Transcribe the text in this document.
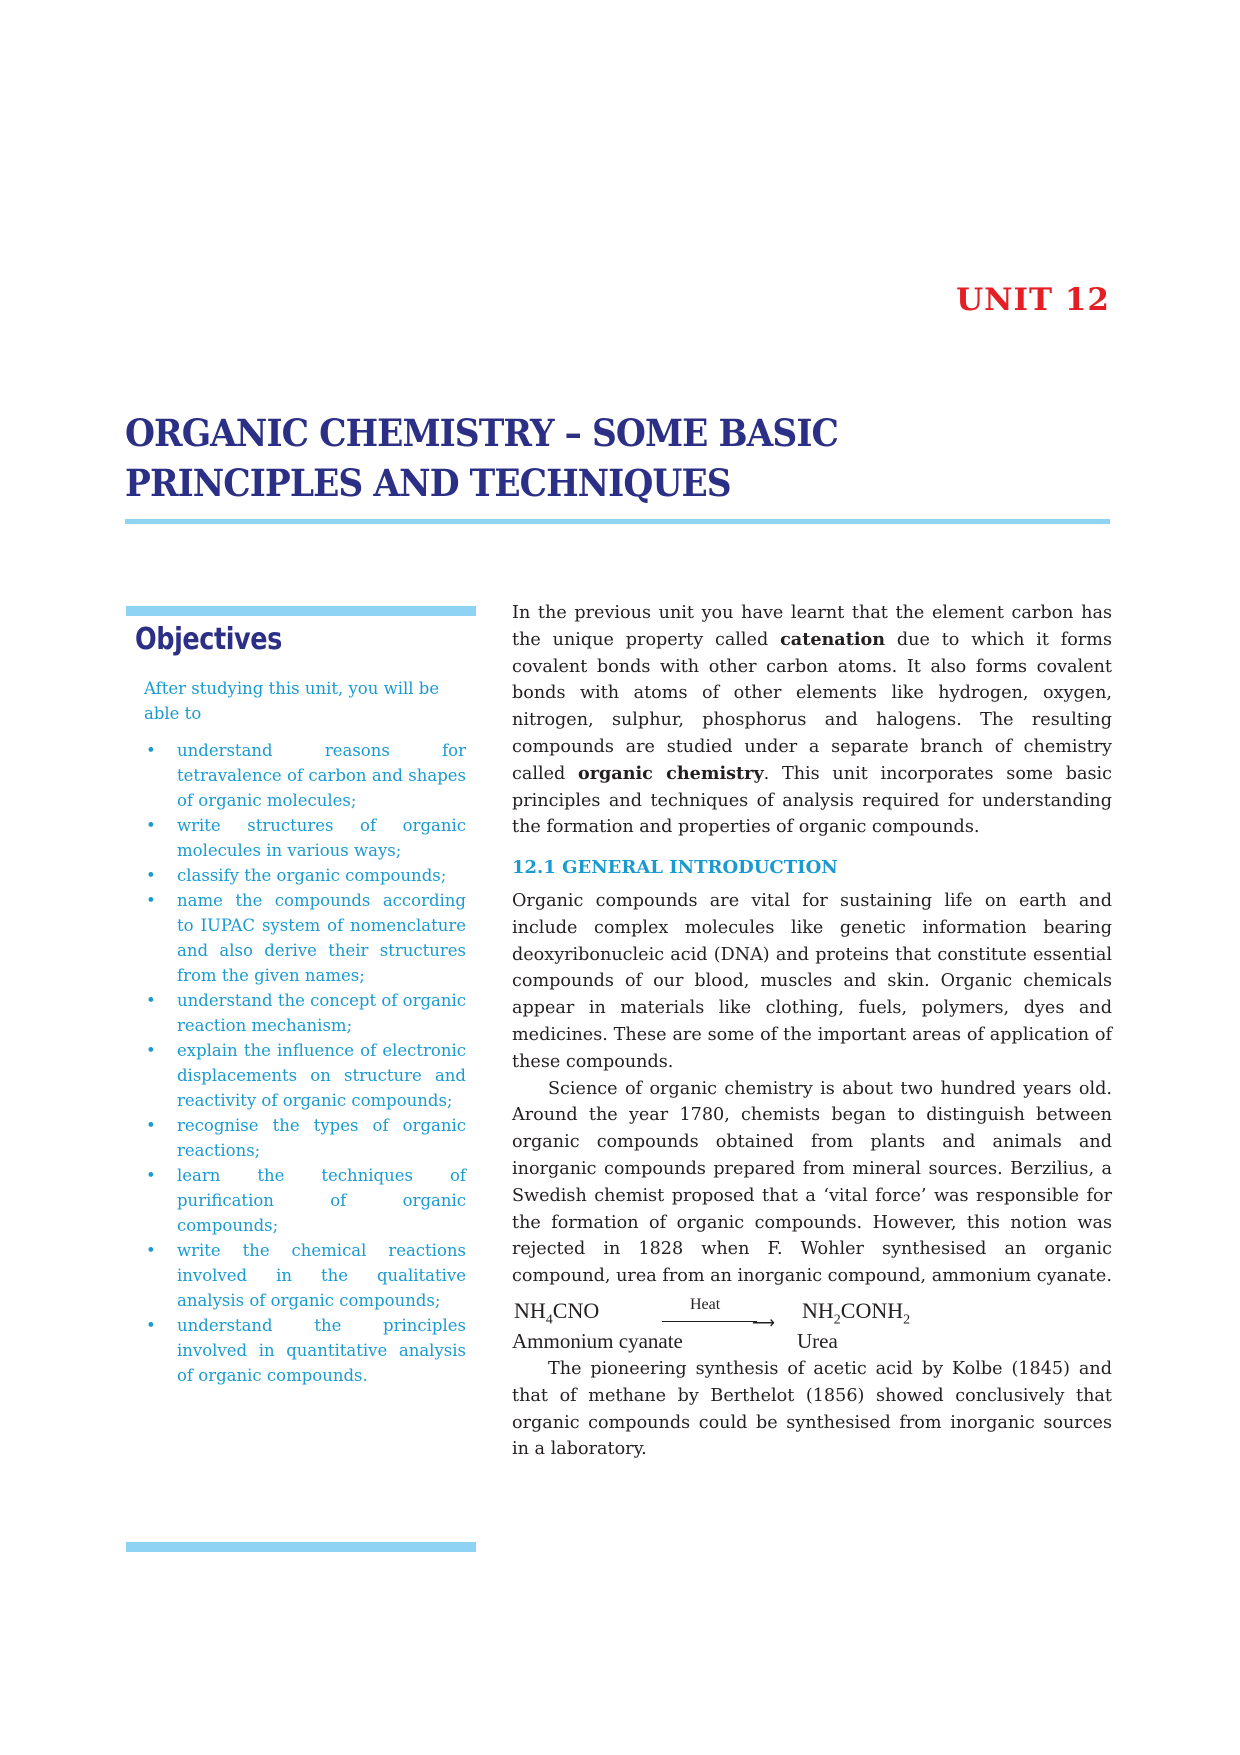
UNIT 12
ORGANIC CHEMISTRY – SOME BASIC PRINCIPLES AND TECHNIQUES
Objectives

After studying this unit, you will be able to

• understand reasons for tetravalence of carbon and shapes of organic molecules;
• write structures of organic molecules in various ways;
• classify the organic compounds;
• name the compounds according to IUPAC system of nomenclature and also derive their structures from the given names;
• understand the concept of organic reaction mechanism;
• explain the influence of electronic displacements on structure and reactivity of organic compounds;
• recognise the types of organic reactions;
• learn the techniques of purification of organic compounds;
• write the chemical reactions involved in the qualitative analysis of organic compounds;
• understand the principles involved in quantitative analysis of organic compounds.

In the previous unit you have learnt that the element carbon has the unique property called catenation due to which it forms covalent bonds with other carbon atoms. It also forms covalent bonds with atoms of other elements like hydrogen, oxygen, nitrogen, sulphur, phosphorus and halogens. The resulting compounds are studied under a separate branch of chemistry called organic chemistry. This unit incorporates some basic principles and techniques of analysis required for understanding the formation and properties of organic compounds.

12.1 GENERAL INTRODUCTION

Organic compounds are vital for sustaining life on earth and include complex molecules like genetic information bearing deoxyribonucleic acid (DNA) and proteins that constitute essential compounds of our blood, muscles and skin. Organic chemicals appear in materials like clothing, fuels, polymers, dyes and medicines. These are some of the important areas of application of these compounds.

Science of organic chemistry is about two hundred years old. Around the year 1780, chemists began to distinguish between organic compounds obtained from plants and animals and inorganic compounds prepared from mineral sources. Berzilius, a Swedish chemist proposed that a ‘vital force’ was responsible for the formation of organic compounds. However, this notion was rejected in 1828 when F. Wohler synthesised an organic compound, urea from an inorganic compound, ammonium cyanate.

$NH_4CNO$	Heat
⟶
$NH_2CONH_2$
Ammonium cyanate	Urea

The pioneering synthesis of acetic acid by Kolbe (1845) and that of methane by Berthelot (1856) showed conclusively that organic compounds could be synthesised from inorganic sources in a laboratory.
